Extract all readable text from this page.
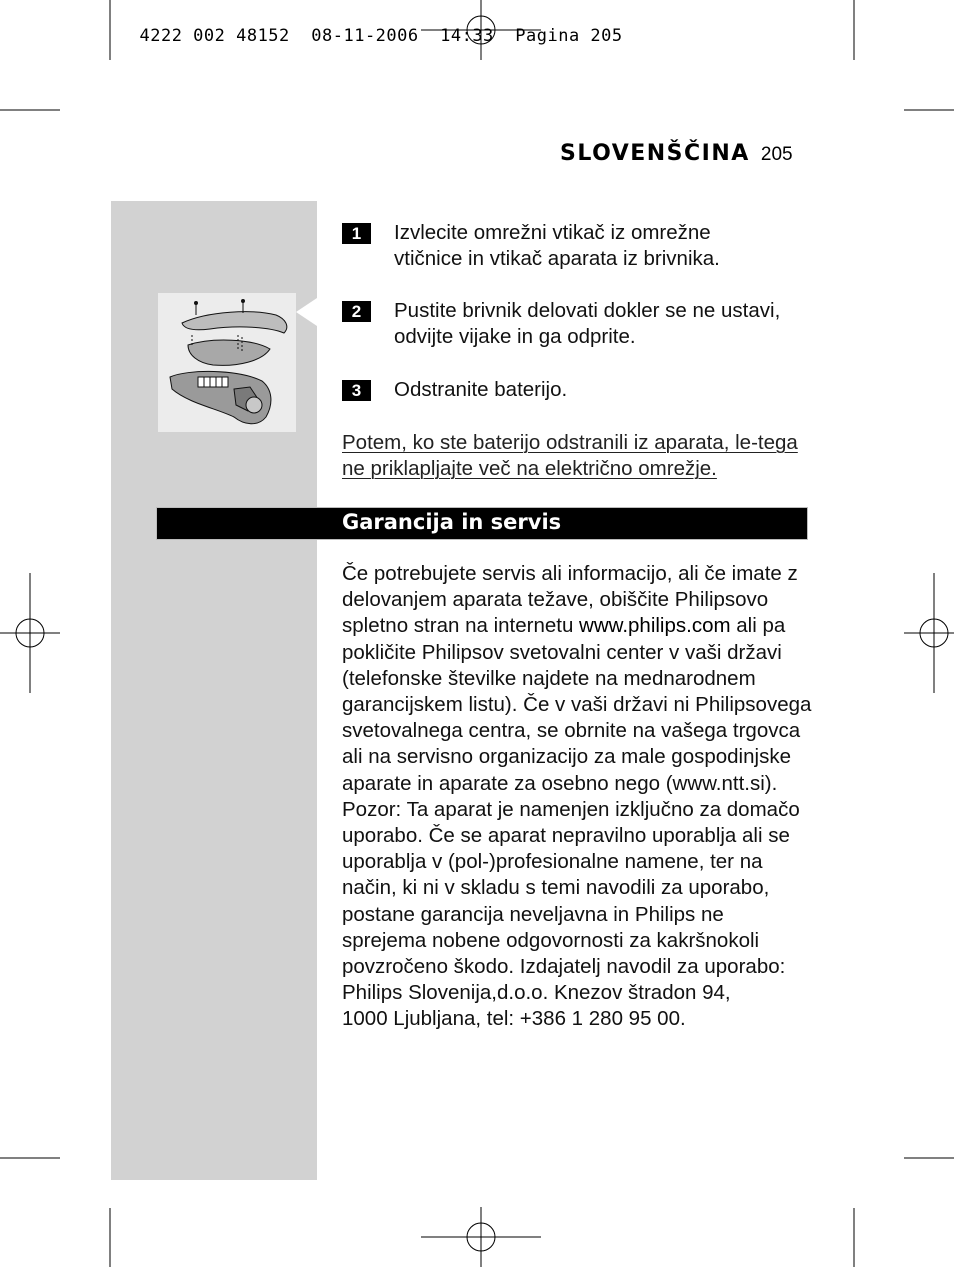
4222 002 48152 08-11-2006 14:33 Pagina 205

SLOVENŠČINA 205
1	Izvlecite omrežni vtikač iz omrežne
vtičnice in vtikač aparata iz brivnika.
2	Pustite brivnik delovati dokler se ne ustavi,
odvijte vijake in ga odprite.
3	Odstranite baterijo.
Potem, ko ste baterijo odstranili iz aparata, le-tega
ne priklapljajte več na električno omrežje.
Garancija in servis
Če potrebujete servis ali informacijo, ali če imate z
delovanjem aparata težave, obiščite Philipsovo
spletno stran na internetu www.philips.com ali pa
pokličite Philipsov svetovalni center v vaši državi
(telefonske številke najdete na mednarodnem
garancijskem listu). Če v vaši državi ni Philipsovega
svetovalnega centra, se obrnite na vašega trgovca
ali na servisno organizacijo za male gospodinjske
aparate in aparate za osebno nego (www.ntt.si).
Pozor: Ta aparat je namenjen izključno za domačo
uporabo. Če se aparat nepravilno uporablja ali se
uporablja v (pol-)profesionalne namene, ter na
način, ki ni v skladu s temi navodili za uporabo,
postane garancija neveljavna in Philips ne
sprejema nobene odgovornosti za kakršnokoli
povzročeno škodo. Izdajatelj navodil za uporabo:
Philips Slovenija,d.o.o. Knezov štradon 94,
1000 Ljubljana, tel: +386 1 280 95 00.
